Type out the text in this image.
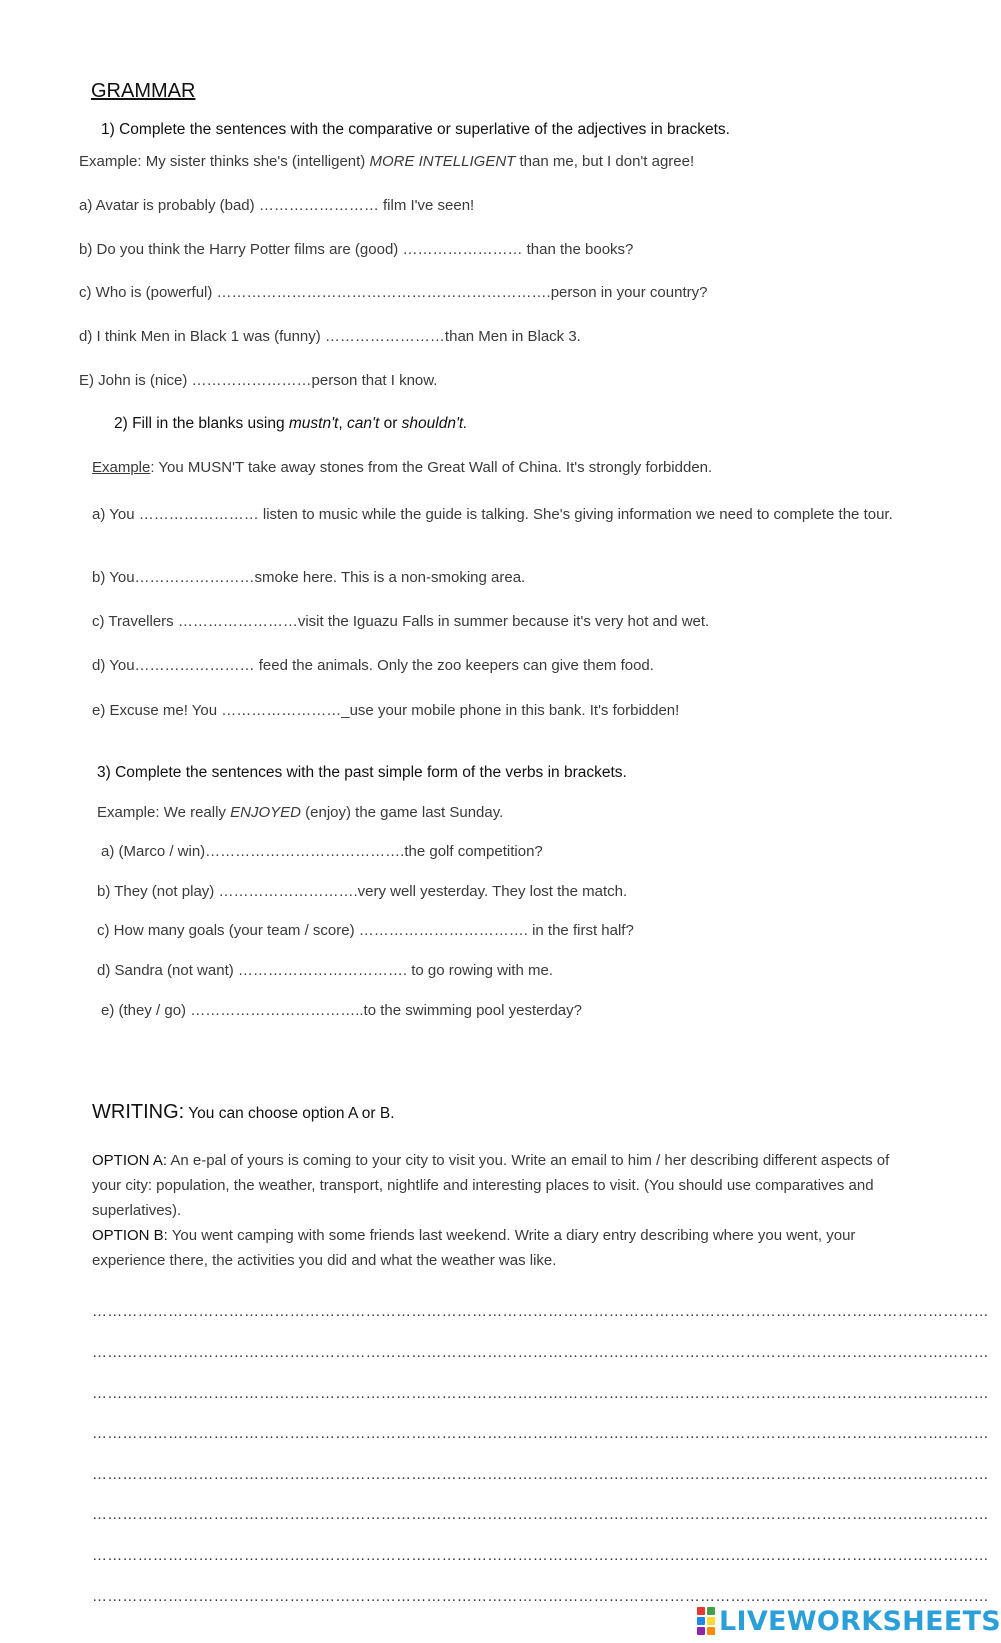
GRAMMAR
1) Complete the sentences with the comparative or superlative of the adjectives in brackets.
Example: My sister thinks she's (intelligent) MORE INTELLIGENT than me, but I don't agree!
a) Avatar is probably (bad) …………………… film I've seen!
b) Do you think the Harry Potter films are (good) …………………… than the books?
c) Who is (powerful) ………………………………………………………….person in your country?
d) I think Men in Black 1 was (funny) ……………………than Men in Black 3.
E) John is (nice) ……………………person that I know.
2) Fill in the blanks using mustn't, can't or shouldn't.
Example: You MUSN'T take away stones from the Great Wall of China. It's strongly forbidden.
a) You …………………… listen to music while the guide is talking. She's giving information we need to complete the tour.
b) You……………………smoke here. This is a non-smoking area.
c) Travellers ……………………visit the Iguazu Falls in summer because it's very hot and wet.
d) You…………………… feed the animals. Only the zoo keepers can give them food.
e) Excuse me! You ……………………_use your mobile phone in this bank. It's forbidden!
3) Complete the sentences with the past simple form of the verbs in brackets.
Example: We really ENJOYED (enjoy) the game last Sunday.
a) (Marco / win)………………………………….the golf competition?
b) They (not play) ……………………….very well yesterday. They lost the match.
c) How many goals (your team / score) ……………………………. in the first half?
d) Sandra (not want) ……………………………. to go rowing with me.
e) (they / go) ……………………………..to the swimming pool yesterday?
WRITING: You can choose option A or B.
OPTION A: An e-pal of yours is coming to your city to visit you. Write an email to him / her describing different aspects of your city: population, the weather, transport, nightlife and interesting places to visit. (You should use comparatives and superlatives).
OPTION B: You went camping with some friends last weekend. Write a diary entry describing where you went, your experience there, the activities you did and what the weather was like.
……………………………………………………………………………………………………………………………………………………………
……………………………………………………………………………………………………………………………………………………………
……………………………………………………………………………………………………………………………………………………………
……………………………………………………………………………………………………………………………………………………………
……………………………………………………………………………………………………………………………………………………………
……………………………………………………………………………………………………………………………………………………………
……………………………………………………………………………………………………………………………………………………………
……………………………………………………………………………………………………………………………………………………………
LIVEWORKSHEETS
